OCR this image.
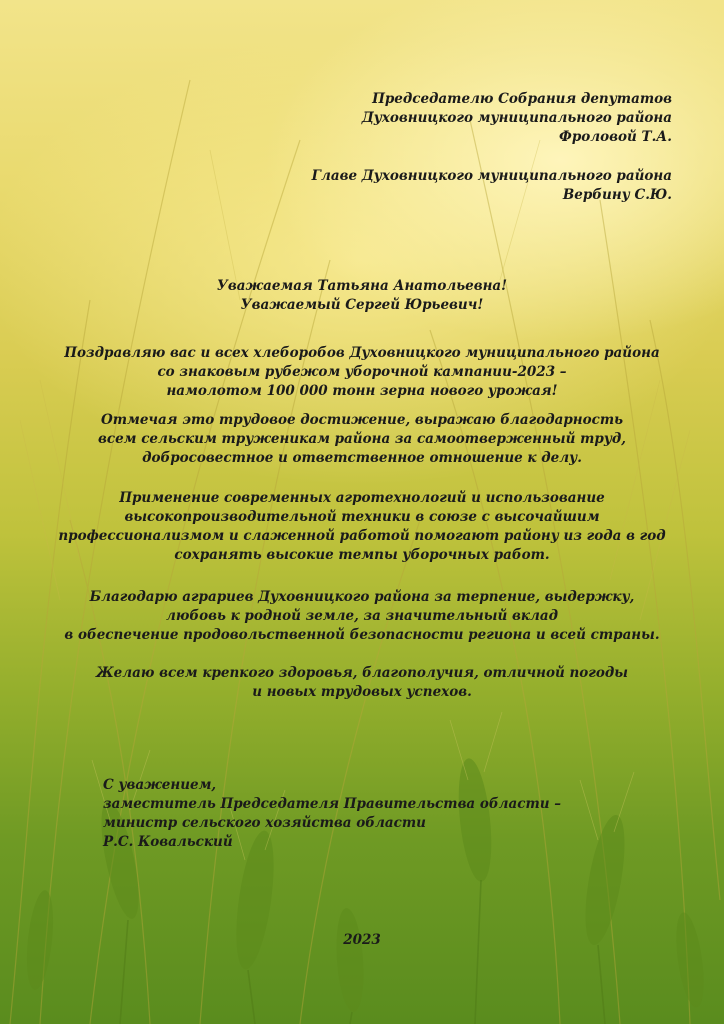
Председателю Собрания депутатов
Духовницкого муниципального района
Фроловой Т.А.
Главе Духовницкого муниципального района
Вербину С.Ю.
Уважаемая Татьяна Анатольевна!
Уважаемый Сергей Юрьевич!
Поздравляю вас и всех хлеборобов Духовницкого муниципального района
со знаковым рубежом уборочной кампании-2023 –
намолотом 100 000 тонн зерна нового урожая!
Отмечая это трудовое достижение, выражаю благодарность
всем сельским труженикам района за самоотверженный труд,
добросовестное и ответственное отношение к делу.
Применение современных агротехнологий и использование
высокопроизводительной техники в союзе с высочайшим
профессионализмом и слаженной работой помогают району из года в год
сохранять высокие темпы уборочных работ.
Благодарю аграриев Духовницкого района за терпение, выдержку,
любовь к родной земле, за значительный вклад
в обеспечение продовольственной безопасности региона и всей страны.
Желаю всем крепкого здоровья, благополучия, отличной погоды
и новых трудовых успехов.
С уважением,
заместитель Председателя Правительства области –
министр сельского хозяйства области
Р.С. Ковальский
2023
